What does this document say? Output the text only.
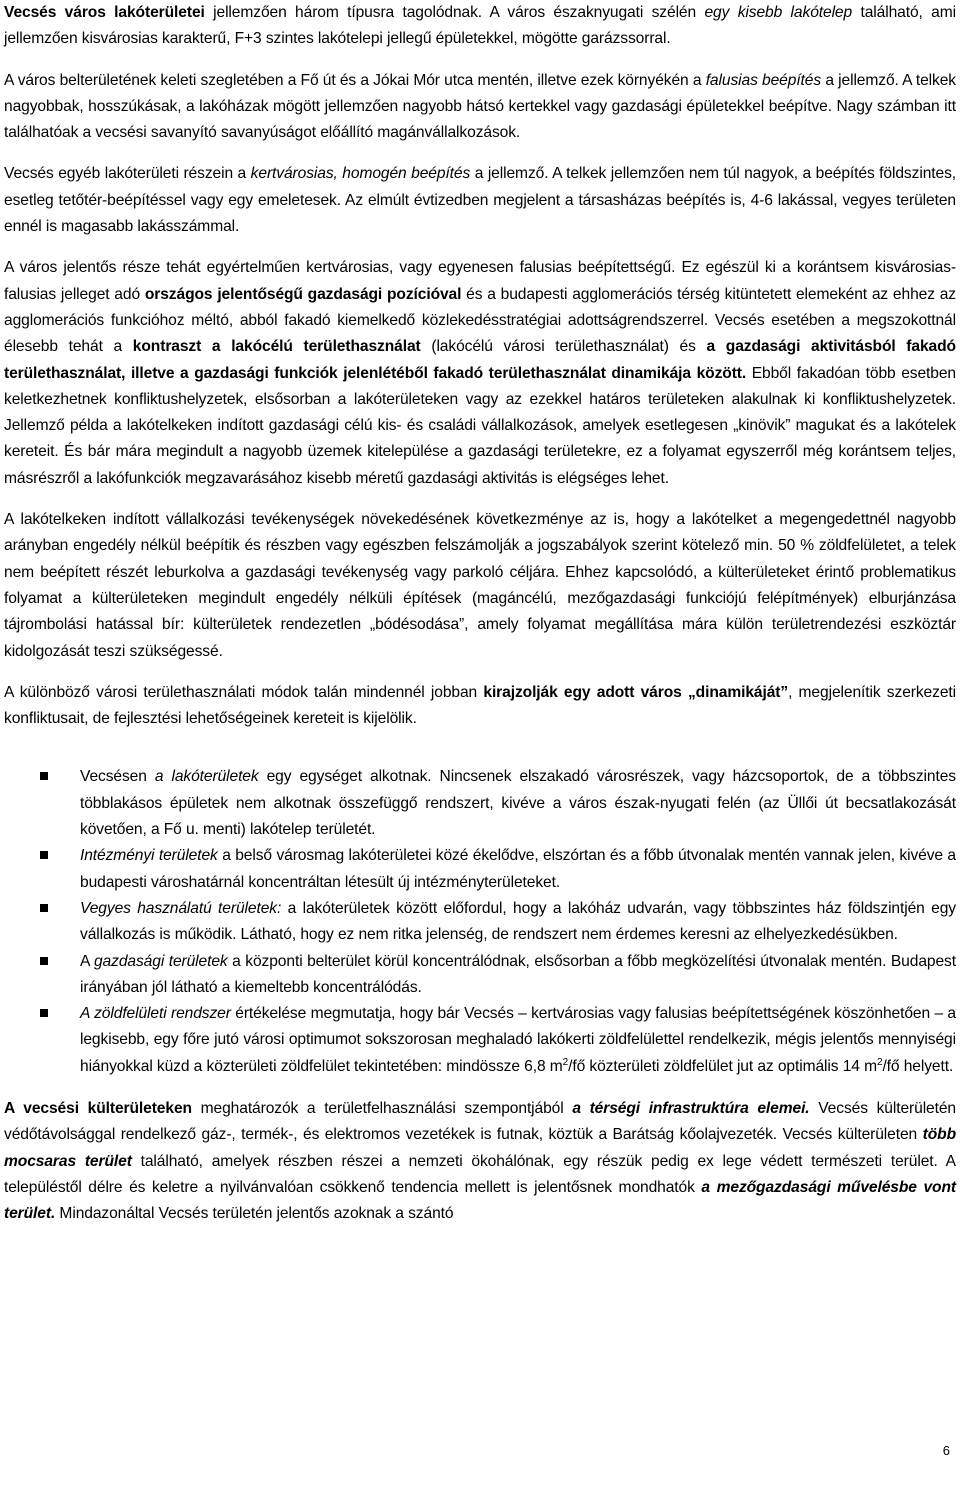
Vecsés város lakóterületei jellemzően három típusra tagolódnak. A város északnyugati szélén egy kisebb lakótelep található, ami jellemzően kisvárosias karakterű, F+3 szintes lakótelepi jellegű épületekkel, mögötte garázssorral.

A város belterületének keleti szegletében a Fő út és a Jókai Mór utca mentén, illetve ezek környékén a falusias beépítés a jellemző. A telkek nagyobbak, hosszúkásak, a lakóházak mögött jellemzően nagyobb hátsó kertekkel vagy gazdasági épületekkel beépítve. Nagy számban itt találhatóak a vecsési savanyító savanyúságot előállító magánvállalkozások.

Vecsés egyéb lakóterületi részein a kertvárosias, homogén beépítés a jellemző. A telkek jellemzően nem túl nagyok, a beépítés földszintes, esetleg tetőtér-beépítéssel vagy egy emeletesek. Az elmúlt évtizedben megjelent a társasházas beépítés is, 4-6 lakással, vegyes területen ennél is magasabb lakásszámmal.

A város jelentős része tehát egyértelműen kertvárosias, vagy egyenesen falusias beépítettségű. Ez egészül ki a korántsem kisvárosias-falusias jelleget adó országos jelentőségű gazdasági pozícióval és a budapesti agglomerációs térség kitüntetett elemeként az ehhez az agglomerációs funkcióhoz méltó, abból fakadó kiemelkedő közlekedésstratégiai adottságrendszerrel. Vecsés esetében a megszokottnál élesebb tehát a kontraszt a lakócélú területhasználat (lakócélú városi területhasználat) és a gazdasági aktivitásból fakadó területhasználat, illetve a gazdasági funkciók jelenlétéből fakadó területhasználat dinamikája között. Ebből fakadóan több esetben keletkezhetnek konfliktushelyzetek, elsősorban a lakóterületeken vagy az ezekkel határos területeken alakulnak ki konfliktushelyzetek. Jellemző példa a lakótelkeken indított gazdasági célú kis- és családi vállalkozások, amelyek esetlegesen „kinövik” magukat és a lakótelek kereteit. És bár mára megindult a nagyobb üzemek kitelepülése a gazdasági területekre, ez a folyamat egyszerről még korántsem teljes, másrészről a lakófunkciók megzavarásához kisebb méretű gazdasági aktivitás is elégséges lehet.

A lakótelkeken indított vállalkozási tevékenységek növekedésének következménye az is, hogy a lakótelket a megengedettnél nagyobb arányban engedély nélkül beépítik és részben vagy egészben felszámolják a jogszabályok szerint kötelező min. 50 % zöldfelületet, a telek nem beépített részét leburkolva a gazdasági tevékenység vagy parkoló céljára. Ehhez kapcsolódó, a külterületeket érintő problematikus folyamat a külterületeken megindult engedély nélküli építések (magáncélú, mezőgazdasági funkciójú felépítmények) elburjánzása tájrombolási hatással bír: külterületek rendezetlen „bódésodása”, amely folyamat megállítása mára külön területrendezési eszköztár kidolgozását teszi szükségessé.

A különböző városi területhasználati módok talán mindennél jobban kirajzolják egy adott város „dinamikáját”, megjelenítik szerkezeti konfliktusait, de fejlesztési lehetőségeinek kereteit is kijelölik.

Vecsésen a lakóterületek egy egységet alkotnak. Nincsenek elszakadó városrészek, vagy házcsoportok, de a többszintes többlakásos épületek nem alkotnak összefüggő rendszert, kivéve a város észak-nyugati felén (az Üllői út becsatlakozását követően, a Fő u. menti) lakótelep területét.

Intézményi területek a belső városmag lakóterületei közé ékelődve, elszórtan és a főbb útvonalak mentén vannak jelen, kivéve a budapesti városhatárnál koncentráltan létesült új intézményterületeket.

Vegyes használatú területek: a lakóterületek között előfordul, hogy a lakóház udvarán, vagy többszintes ház földszintjén egy vállalkozás is működik. Látható, hogy ez nem ritka jelenség, de rendszert nem érdemes keresni az elhelyezkedésükben.

A gazdasági területek a központi belterület körül koncentrálódnak, elsősorban a főbb megközelítési útvonalak mentén. Budapest irányában jól látható a kiemeltebb koncentrálódás.

A zöldfelületi rendszer értékelése megmutatja, hogy bár Vecsés – kertvárosias vagy falusias beépítettségének köszönhetően – a legkisebb, egy főre jutó városi optimumot sokszorosan meghaladó lakókerti zöldfelülettel rendelkezik, mégis jelentős mennyiségi hiányokkal küzd a közterületi zöldfelület tekintetében: mindössze 6,8 $m^2/fő$ közterületi zöldfelület jut az optimális 14 $m^2/fő$ helyett.

A vecsési külterületeken meghatározók a területfelhasználási szempontjából a térségi infrastruktúra elemei. Vecsés külterületén védőtávolsággal rendelkező gáz-, termék-, és elektromos vezetékek is futnak, köztük a Barátság kőolajvezeték. Vecsés külterületen több mocsaras terület található, amelyek részben részei a nemzeti ökohálónak, egy részük pedig ex lege védett természeti terület. A településtől délre és keletre a nyilvánvalóan csökkenő tendencia mellett is jelentősnek mondhatók a mezőgazdasági művelésbe vont terület. Mindazonáltal Vecsés területén jelentős azoknak a szántó

6
